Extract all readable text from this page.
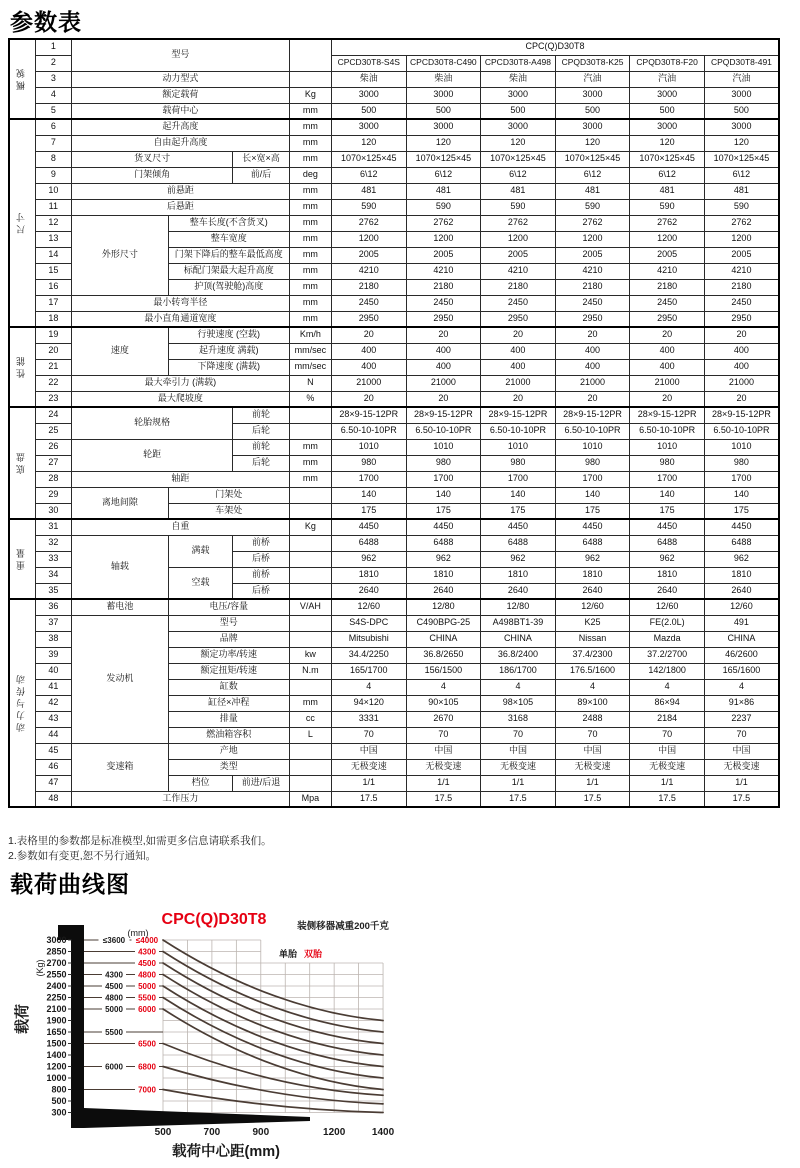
参数表
概貌	1	型号				CPC(Q)D30T8					
	2					CPCD30T8-S4S	CPCD30T8-C490	CPCD30T8-A498	CPQD30T8-K25	CPQD30T8-F20	CPQD30T8-491
	3	动力型式				柴油	柴油	柴油	汽油	汽油	汽油
	4	额定载荷			Kg	3000	3000	3000	3000	3000	3000
	5	载荷中心			mm	500	500	500	500	500	500
尺寸	6	起升高度			mm	3000	3000	3000	3000	3000	3000
	7	自由起升高度			mm	120	120	120	120	120	120
	8	货叉尺寸		长×宽×高	mm	1070×125×45	1070×125×45	1070×125×45	1070×125×45	1070×125×45	1070×125×45
	9	门架倾角		前/后	deg	6\12	6\12	6\12	6\12	6\12	6\12
	10	前悬距			mm	481	481	481	481	481	481
	11	后悬距			mm	590	590	590	590	590	590
	12	外形尺寸	整车长度(不含货叉)		mm	2762	2762	2762	2762	2762	2762
	13		整车宽度		mm	1200	1200	1200	1200	1200	1200
	14		门架下降后的整车最低高度		mm	2005	2005	2005	2005	2005	2005
	15		标配门架最大起升高度		mm	4210	4210	4210	4210	4210	4210
	16		护顶(驾驶舱)高度		mm	2180	2180	2180	2180	2180	2180
	17	最小转弯半径			mm	2450	2450	2450	2450	2450	2450
	18	最小直角通道宽度			mm	2950	2950	2950	2950	2950	2950
性能	19	速度	行驶速度 (空载)		Km/h	20	20	20	20	20	20
	20		起升速度 满载)		mm/sec	400	400	400	400	400	400
	21		下降速度 (满载)		mm/sec	400	400	400	400	400	400
	22	最大牵引力 (满载)			N	21000	21000	21000	21000	21000	21000
	23	最大爬坡度			%	20	20	20	20	20	20
底盘	24	轮胎规格		前轮		28×9-15-12PR	28×9-15-12PR	28×9-15-12PR	28×9-15-12PR	28×9-15-12PR	28×9-15-12PR
	25			后轮		6.50-10-10PR	6.50-10-10PR	6.50-10-10PR	6.50-10-10PR	6.50-10-10PR	6.50-10-10PR
	26	轮距		前轮	mm	1010	1010	1010	1010	1010	1010
	27			后轮	mm	980	980	980	980	980	980
	28	轴距			mm	1700	1700	1700	1700	1700	1700
	29	离地间隙	门架处			140	140	140	140	140	140
	30		车架处			175	175	175	175	175	175
重量	31	自重			Kg	4450	4450	4450	4450	4450	4450
	32	轴载	满载	前桥		6488	6488	6488	6488	6488	6488
	33			后桥		962	962	962	962	962	962
	34		空载	前桥		1810	1810	1810	1810	1810	1810
	35			后桥		2640	2640	2640	2640	2640	2640
动力与传动	36	蓄电池	电压/容量		V/AH	12/60	12/80	12/80	12/60	12/60	12/60
	37	发动机	型号			S4S-DPC	C490BPG-25	A498BT1-39	K25	FE(2.0L)	491
	38		品牌			Mitsubishi	CHINA	CHINA	Nissan	Mazda	CHINA
	39		额定功率/转速		kw	34.4/2250	36.8/2650	36.8/2400	37.4/2300	37.2/2700	46/2600
	40		额定扭矩/转速		N.m	165/1700	156/1500	186/1700	176.5/1600	142/1800	165/1600
	41		缸数			4	4	4	4	4	4
	42		缸径×冲程		mm	94×120	90×105	98×105	89×100	86×94	91×86
	43		排量		cc	3331	2670	3168	2488	2184	2237
	44		燃油箱容积		L	70	70	70	70	70	70
	45	变速箱	产地			中国	中国	中国	中国	中国	中国
	46		类型			无极变速	无极变速	无极变速	无极变速	无极变速	无极变速
	47		档位	前进/后退		1/1	1/1	1/1	1/1	1/1	1/1
	48	工作压力			Mpa	17.5	17.5	17.5	17.5	17.5	17.5
1.表格里的参数都是标准模型,如需更多信息请联系我们。
2.参数如有变更,恕不另行通知。
载荷曲线图
3000
2850
2700
2550
2400
2250
2100
1900
1650
1500
1400
1200
1000
800
500
300
(Kg)
载荷
≤3600
4300
4500
4800
5000
5500
6000
≤4000
4300
4500
4800
5000
5500
6000
6500
6800
7000
(mm)
CPC(Q)D30T8	装侧移器减重200千克
单胎 双胎
500	700	900	1200	1400
载荷中心距(mm)
